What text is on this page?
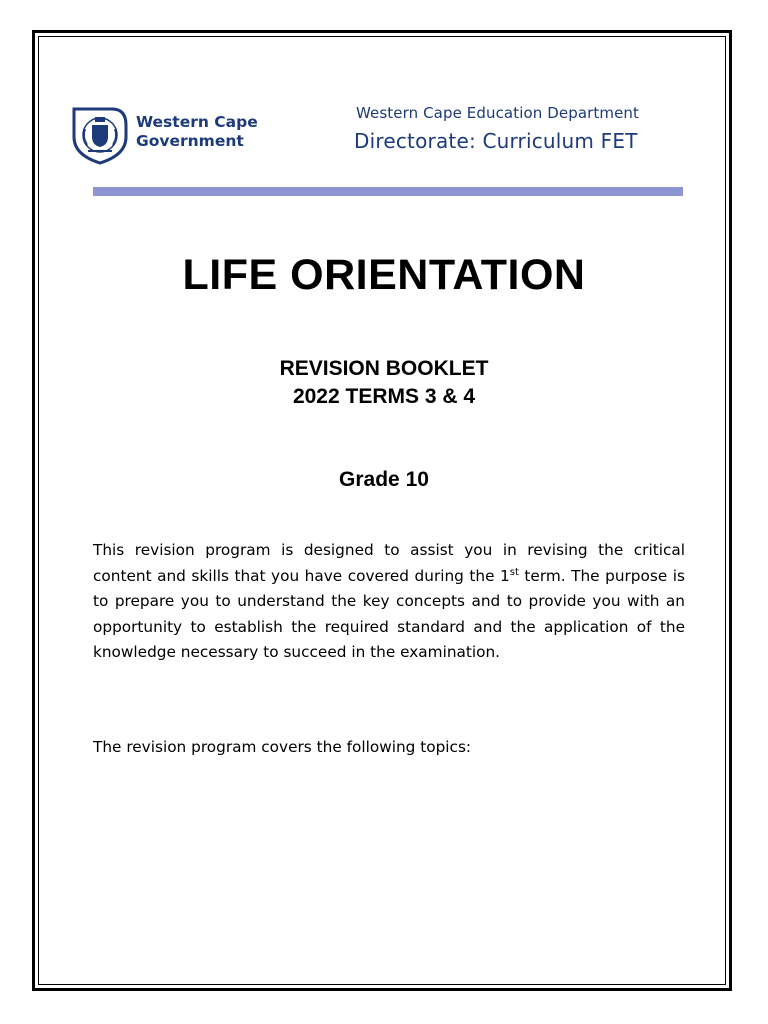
Western Cape
Government
Western Cape Education Department
Directorate: Curriculum FET
LIFE ORIENTATION
REVISION BOOKLET
2022 TERMS 3 & 4
Grade 10
This revision program is designed to assist you in revising the critical content and skills that you have covered during the 1st term. The purpose is to prepare you to understand the key concepts and to provide you with an opportunity to establish the required standard and the application of the knowledge necessary to succeed in the examination.
The revision program covers the following topics:
